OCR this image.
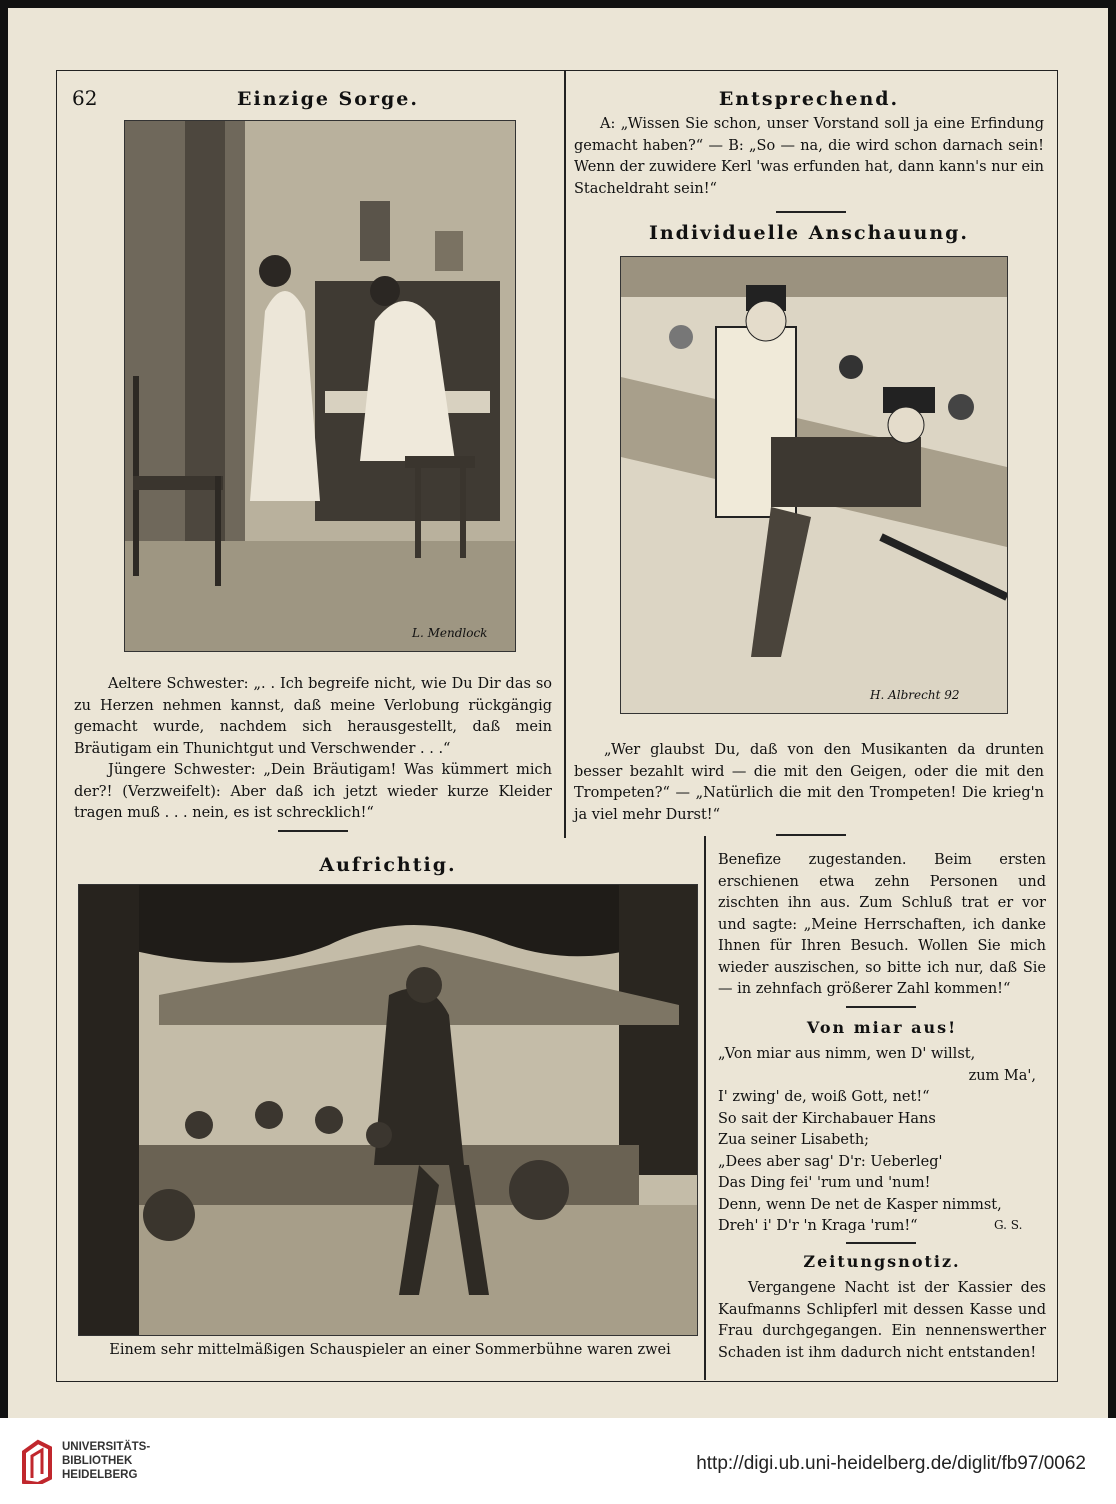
62	Einzige Sorge.
L. Mendlock

Aeltere Schwester: „. . Ich begreife nicht, wie Du Dir das so zu Herzen nehmen kannst, daß meine Verlobung rückgängig gemacht wurde, nachdem sich herausgestellt, daß mein Bräutigam ein Thunichtgut und Verschwender . . .“

Jüngere Schwester: „Dein Bräutigam! Was kümmert mich der?! (Verzweifelt): Aber daß ich jetzt wieder kurze Kleider tragen muß . . . nein, es ist schrecklich!“

Entsprechend.
A: „Wissen Sie schon, unser Vorstand soll ja eine Erfindung gemacht haben?“ — B: „So — na, die wird schon darnach sein! Wenn der zuwidere Kerl 'was erfunden hat, dann kann's nur ein Stacheldraht sein!“
Individuelle Anschauung.
H. Albrecht 92
„Wer glaubst Du, daß von den Musikanten da drunten besser bezahlt wird — die mit den Geigen, oder die mit den Trompeten?“ — „Natürlich die mit den Trompeten! Die krieg'n ja viel mehr Durst!“
Aufrichtig.
Einem sehr mittelmäßigen Schauspieler an einer Sommerbühne waren zwei
Benefize zugestanden. Beim ersten erschienen etwa zehn Personen und zischten ihn aus. Zum Schluß trat er vor und sagte: „Meine Herrschaften, ich danke Ihnen für Ihren Besuch. Wollen Sie mich wieder auszischen, so bitte ich nur, daß Sie — in zehnfach größerer Zahl kommen!“
Von miar aus!
„Von miar aus nimm, wen D' willst,
zum Ma',
I' zwing' de, woiß Gott, net!“
So sait der Kirchabauer Hans
Zua seiner Lisabeth;
„Dees aber sag' D'r: Ueberleg'
Das Ding fei' 'rum und 'num!
Denn, wenn De net de Kasper nimmst,
Dreh' i' D'r 'n Kraga 'rum!“	G. S.
Zeitungsnotiz.
Vergangene Nacht ist der Kassier des Kaufmanns Schlipferl mit dessen Kasse und Frau durchgegangen. Ein nennenswerther Schaden ist ihm dadurch nicht entstanden!
UNIVERSITÄTS-
BIBLIOTHEK
HEIDELBERG
http://digi.ub.uni-heidelberg.de/diglit/fb97/0062
